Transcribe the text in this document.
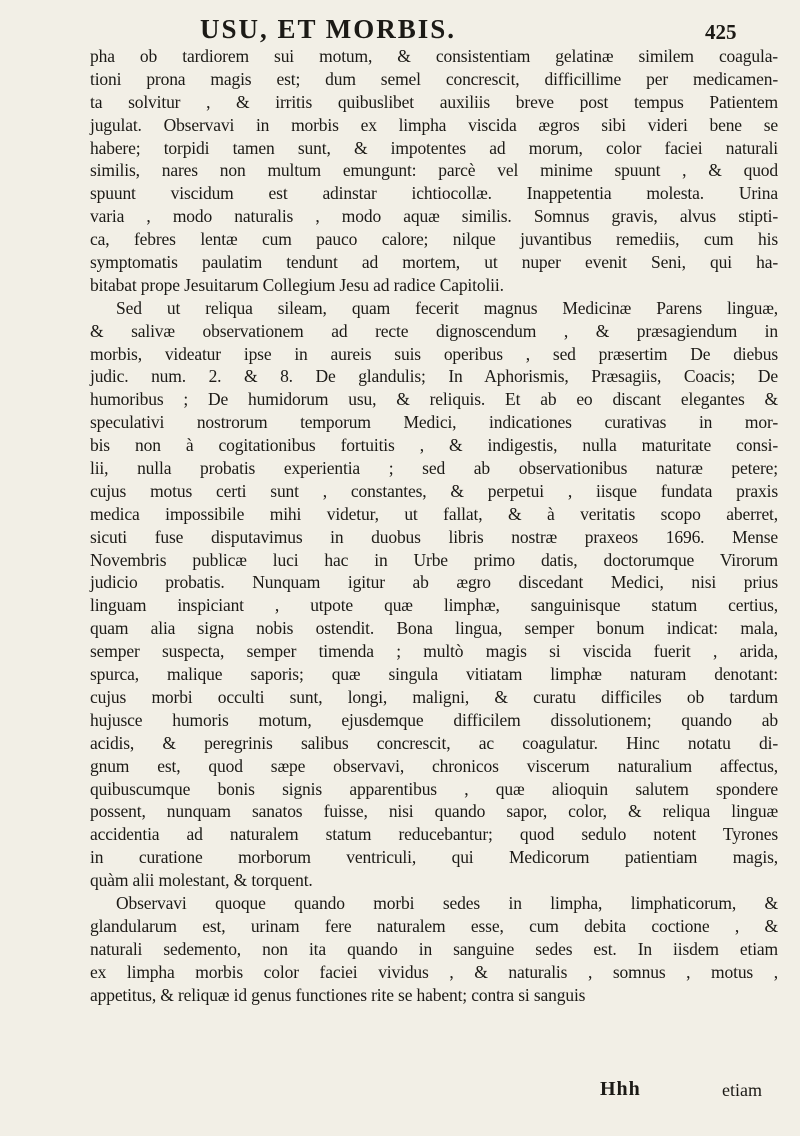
USU, ET MORBIS.	425
pha ob tardiorem sui motum, & consistentiam gelatinæ similem coagula-
tioni prona magis est; dum semel concrescit, difficillime per medicamen-
ta solvitur , & irritis quibuslibet auxiliis breve post tempus Patientem
jugulat. Observavi in morbis ex limpha viscida ægros sibi videri bene se
habere; torpidi tamen sunt, & impotentes ad morum, color faciei naturali
similis, nares non multum emungunt: parcè vel minime spuunt , & quod
spuunt viscidum est adinstar ichtiocollæ. Inappetentia molesta. Urina
varia , modo naturalis , modo aquæ similis. Somnus gravis, alvus stipti-
ca, febres lentæ cum pauco calore; nilque juvantibus remediis, cum his
symptomatis paulatim tendunt ad mortem, ut nuper evenit Seni, qui ha-
bitabat prope Jesuitarum Collegium Jesu ad radice Capitolii.
Sed ut reliqua sileam, quam fecerit magnus Medicinæ Parens linguæ,
& salivæ observationem ad recte dignoscendum , & præsagiendum in
morbis, videatur ipse in aureis suis operibus , sed præsertim De diebus
judic. num. 2. & 8. De glandulis; In Aphorismis, Præsagiis, Coacis; De
humoribus ; De humidorum usu, & reliquis. Et ab eo discant elegantes &
speculativi nostrorum temporum Medici, indicationes curativas in mor-
bis non à cogitationibus fortuitis , & indigestis, nulla maturitate consi-
lii, nulla probatis experientia ; sed ab observationibus naturæ petere;
cujus motus certi sunt , constantes, & perpetui , iisque fundata praxis
medica impossibile mihi videtur, ut fallat, & à veritatis scopo aberret,
sicuti fuse disputavimus in duobus libris nostræ praxeos 1696. Mense
Novembris publicæ luci hac in Urbe primo datis, doctorumque Virorum
judicio probatis. Nunquam igitur ab ægro discedant Medici, nisi prius
linguam inspiciant , utpote quæ limphæ, sanguinisque statum certius,
quam alia signa nobis ostendit. Bona lingua, semper bonum indicat: mala,
semper suspecta, semper timenda ; multò magis si viscida fuerit , arida,
spurca, malique saporis; quæ singula vitiatam limphæ naturam denotant:
cujus morbi occulti sunt, longi, maligni, & curatu difficiles ob tardum
hujusce humoris motum, ejusdemque difficilem dissolutionem; quando ab
acidis, & peregrinis salibus concrescit, ac coagulatur. Hinc notatu di-
gnum est, quod sæpe observavi, chronicos viscerum naturalium affectus,
quibuscumque bonis signis apparentibus , quæ alioquin salutem spondere
possent, nunquam sanatos fuisse, nisi quando sapor, color, & reliqua linguæ
accidentia ad naturalem statum reducebantur; quod sedulo notent Tyrones
in curatione morborum ventriculi, qui Medicorum patientiam magis,
quàm alii molestant, & torquent.
Observavi quoque quando morbi sedes in limpha, limphaticorum, &
glandularum est, urinam fere naturalem esse, cum debita coctione , &
naturali sedemento, non ita quando in sanguine sedes est. In iisdem etiam
ex limpha morbis color faciei vividus , & naturalis , somnus , motus ,
appetitus, & reliquæ id genus functiones rite se habent; contra si sanguis
Hhh	etiam
